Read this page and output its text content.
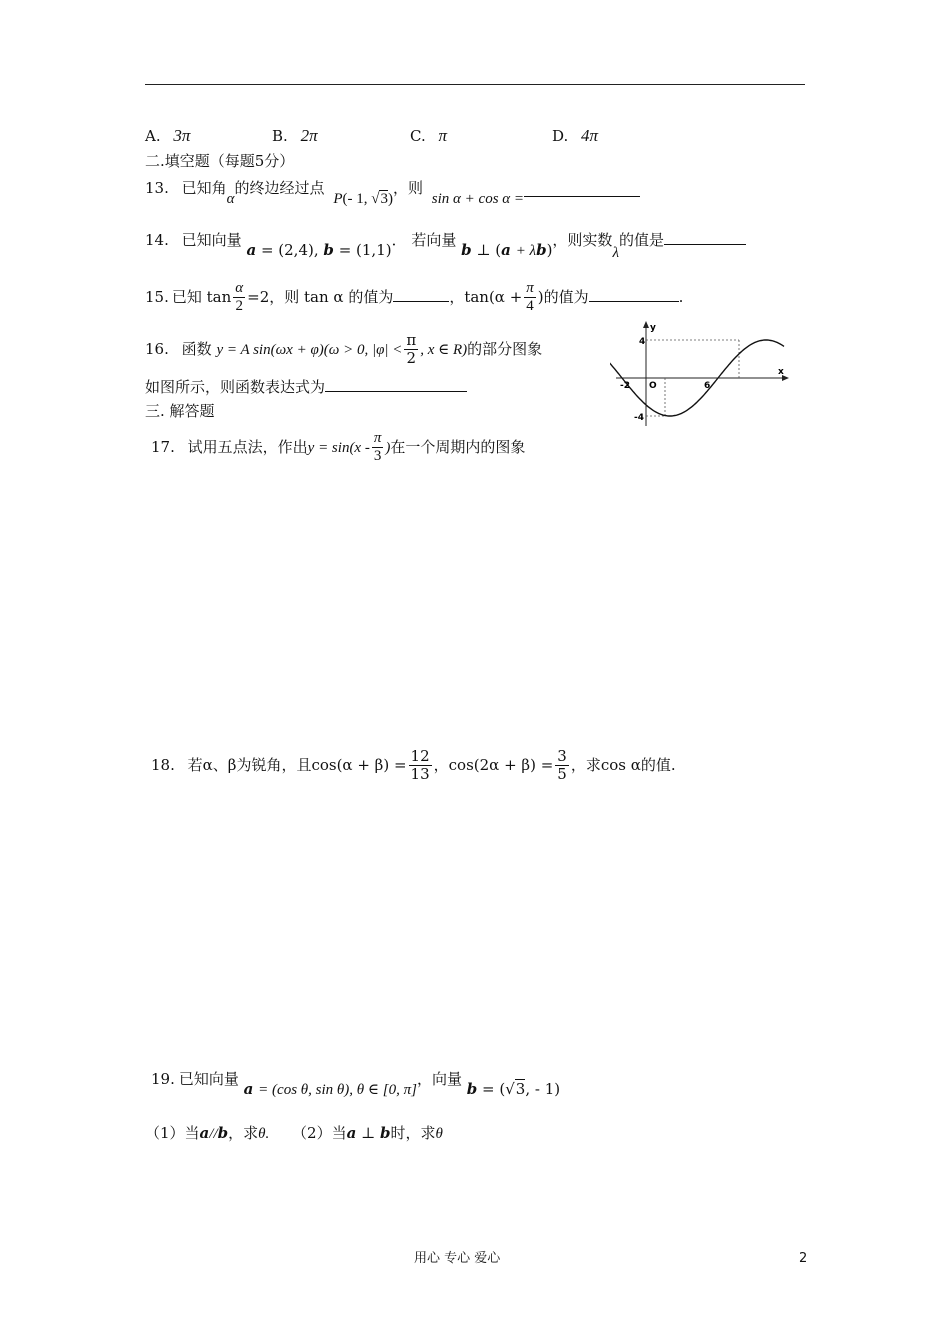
A. 3π	B. 2π	C. π	D. 4π
二.填空题（每题5分）
13. 已知角α的终边经过点 P(- 1, √3)，则 sin α + cos α =
14. 已知向量 a = (2,4), b = (1,1)． 若向量 b ⊥ (a + λb)，则实数λ的值是
15. 已知 $\tan \frac{\alpha}{2} =2$，则 tan α 的值为	，$\tan(\alpha + \frac{\pi}{4}$ )的值为	.
16. 函数 y = A sin(ωx + φ)(ω > 0, $|\varphi| < \frac{\pi}{2}$ , x ∈ R)的部分图象
如图所示，则函数表达式为
y
x
4
-4
-2 O	6
三. 解答题
17. 试用五点法，作出$y = \sin(x - \frac{\pi}{3}$ )在一个周期内的图象
18. 若α、β为锐角，且$\cos(\alpha + \beta) = \frac{12}{13}$ ，$\cos(2\alpha + \beta) = \frac{3}{5}$ ，求cos α的值.
19. 已知向量 a = (cos θ, sin θ), θ ∈ [0, π]，向量 b = (√3, - 1)
（1）当a//b，求θ. （2）当a ⊥ b时，求θ
用心 专心 爱心	2
